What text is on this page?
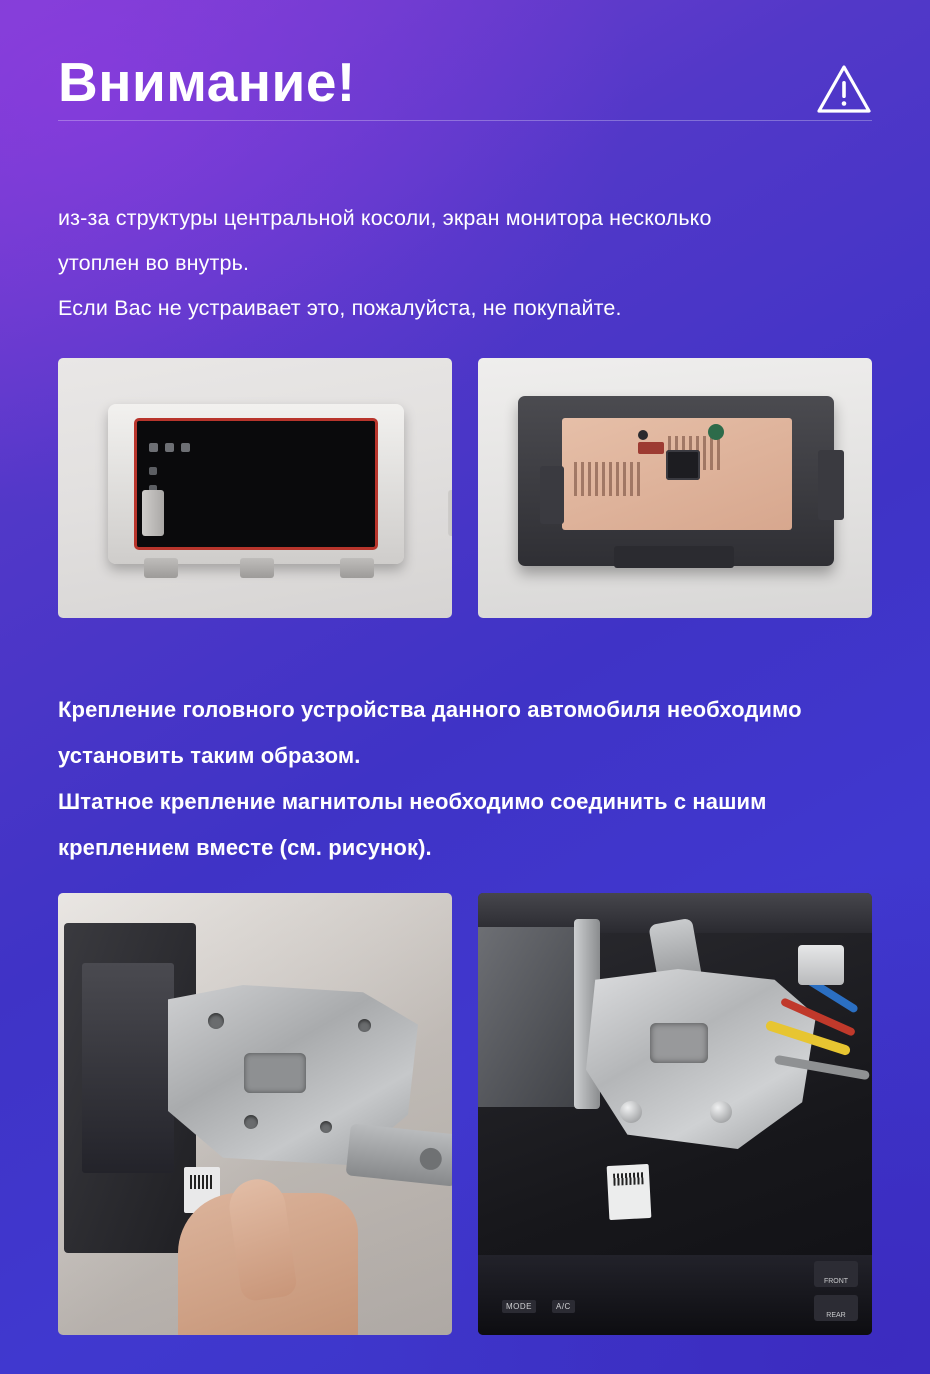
Внимание!
из-за структуры центральной косоли, экран монитора несколько
утоплен во внутрь.
Если Вас не устраивает это, пожалуйста, не покупайте.
Крепление головного устройства данного автомобиля необходимо
установить таким образом.
Штатное крепление магнитолы необходимо соединить с нашим
креплением вместе (см. рисунок).
MODE	A/C
FRONT
REAR
